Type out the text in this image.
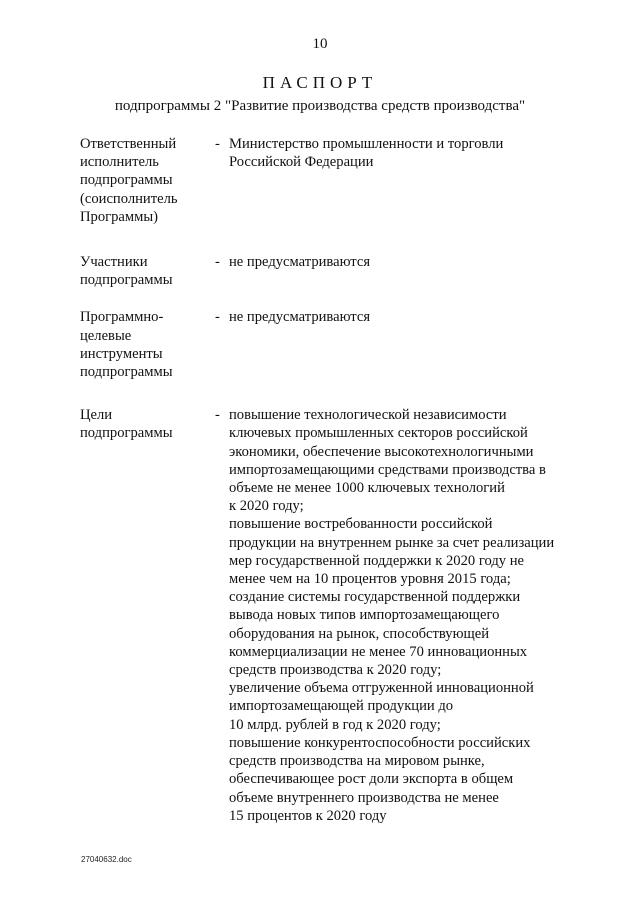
10
ПАСПОРТ
подпрограммы 2 "Развитие производства средств производства"
Ответственный
исполнитель
подпрограммы
(соисполнитель
Программы)
- Министерство промышленности и торговли
Российской Федерации
Участники
подпрограммы
- не предусматриваются
Программно-
целевые
инструменты
подпрограммы
- не предусматриваются
Цели
подпрограммы
- повышение технологической независимости
ключевых промышленных секторов российской
экономики, обеспечение высокотехнологичными
импортозамещающими средствами производства в
объеме не менее 1000 ключевых технологий
к 2020 году;
повышение востребованности российской
продукции на внутреннем рынке за счет реализации
мер государственной поддержки к 2020 году не
менее чем на 10 процентов уровня 2015 года;
создание системы государственной поддержки
вывода новых типов импортозамещающего
оборудования на рынок, способствующей
коммерциализации не менее 70 инновационных
средств производства к 2020 году;
увеличение объема отгруженной инновационной
импортозамещающей продукции до
10 млрд. рублей в год к 2020 году;
повышение конкурентоспособности российских
средств производства на мировом рынке,
обеспечивающее рост доли экспорта в общем
объеме внутреннего производства не менее
15 процентов к 2020 году
27040632.doc
